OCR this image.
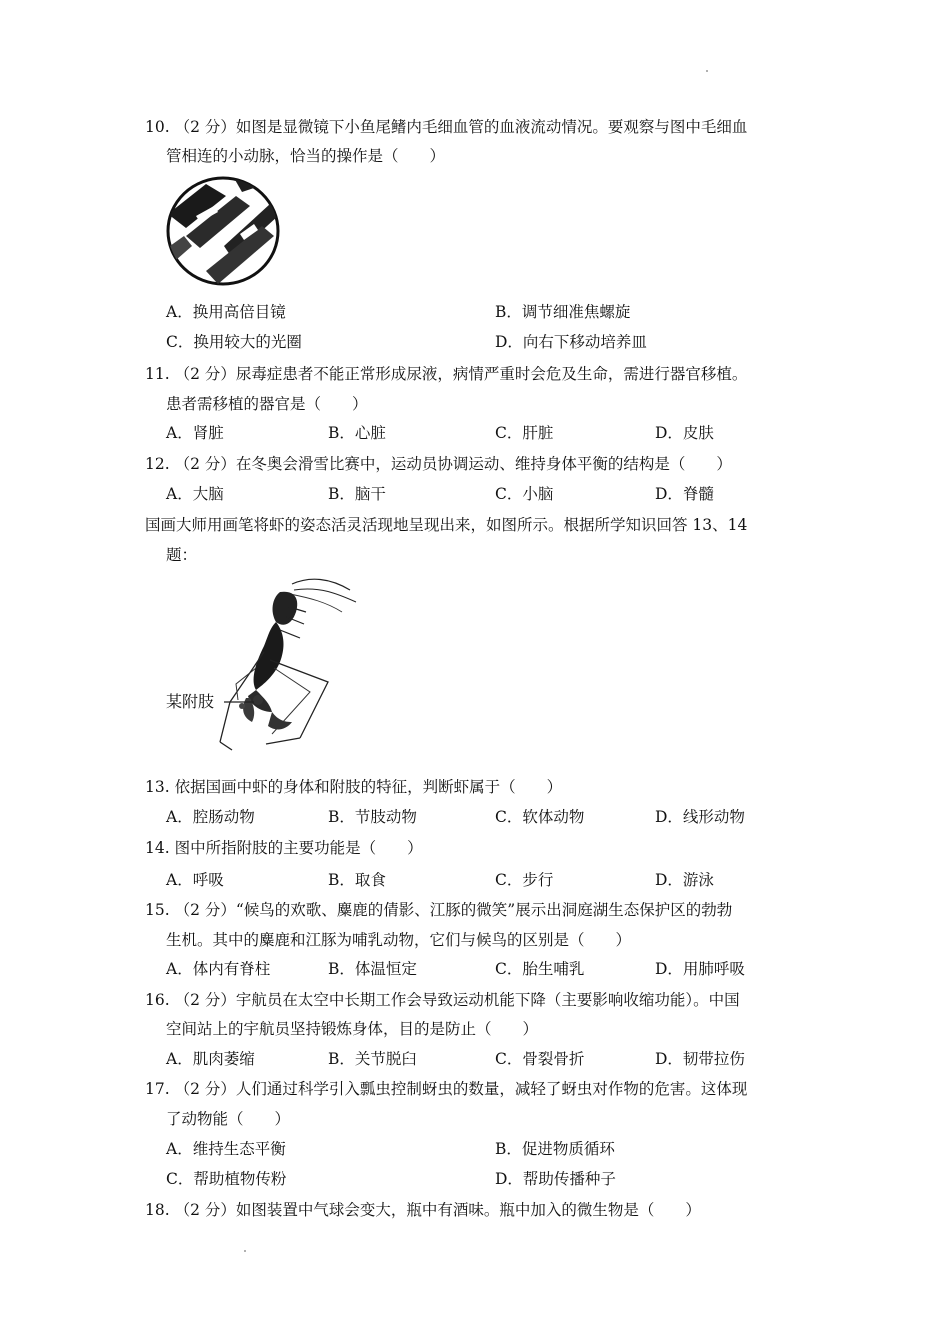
10. （2 分）如图是显微镜下小鱼尾鳍内毛细血管的血液流动情况。要观察与图中毛细血
管相连的小动脉，恰当的操作是（　　）
A．换用高倍目镜	B．调节细准焦螺旋
C．换用较大的光圈	D．向右下移动培养皿
11. （2 分）尿毒症患者不能正常形成尿液，病情严重时会危及生命，需进行器官移植。
患者需移植的器官是（　　）
A．肾脏	B．心脏	C．肝脏	D．皮肤
12. （2 分）在冬奥会滑雪比赛中，运动员协调运动、维持身体平衡的结构是（　　）
A．大脑	B．脑干	C．小脑	D．脊髓
国画大师用画笔将虾的姿态活灵活现地呈现出来，如图所示。根据所学知识回答 13、14
题：
某附肢
13. 依据国画中虾的身体和附肢的特征，判断虾属于（　　）
A．腔肠动物	B．节肢动物	C．软体动物	D．线形动物
14. 图中所指附肢的主要功能是（　　）
A．呼吸	B．取食	C．步行	D．游泳
15. （2 分）“候鸟的欢歌、麋鹿的倩影、江豚的微笑”展示出洞庭湖生态保护区的勃勃
生机。其中的麋鹿和江豚为哺乳动物，它们与候鸟的区别是（　　）
A．体内有脊柱	B．体温恒定	C．胎生哺乳	D．用肺呼吸
16. （2 分）宇航员在太空中长期工作会导致运动机能下降（主要影响收缩功能）。中国
空间站上的宇航员坚持锻炼身体，目的是防止（　　）
A．肌肉萎缩	B．关节脱臼	C．骨裂骨折	D．韧带拉伤
17. （2 分）人们通过科学引入瓢虫控制蚜虫的数量，减轻了蚜虫对作物的危害。这体现
了动物能（　　）
A．维持生态平衡	B．促进物质循环
C．帮助植物传粉	D．帮助传播种子
18. （2 分）如图装置中气球会变大，瓶中有酒味。瓶中加入的微生物是（　　）
